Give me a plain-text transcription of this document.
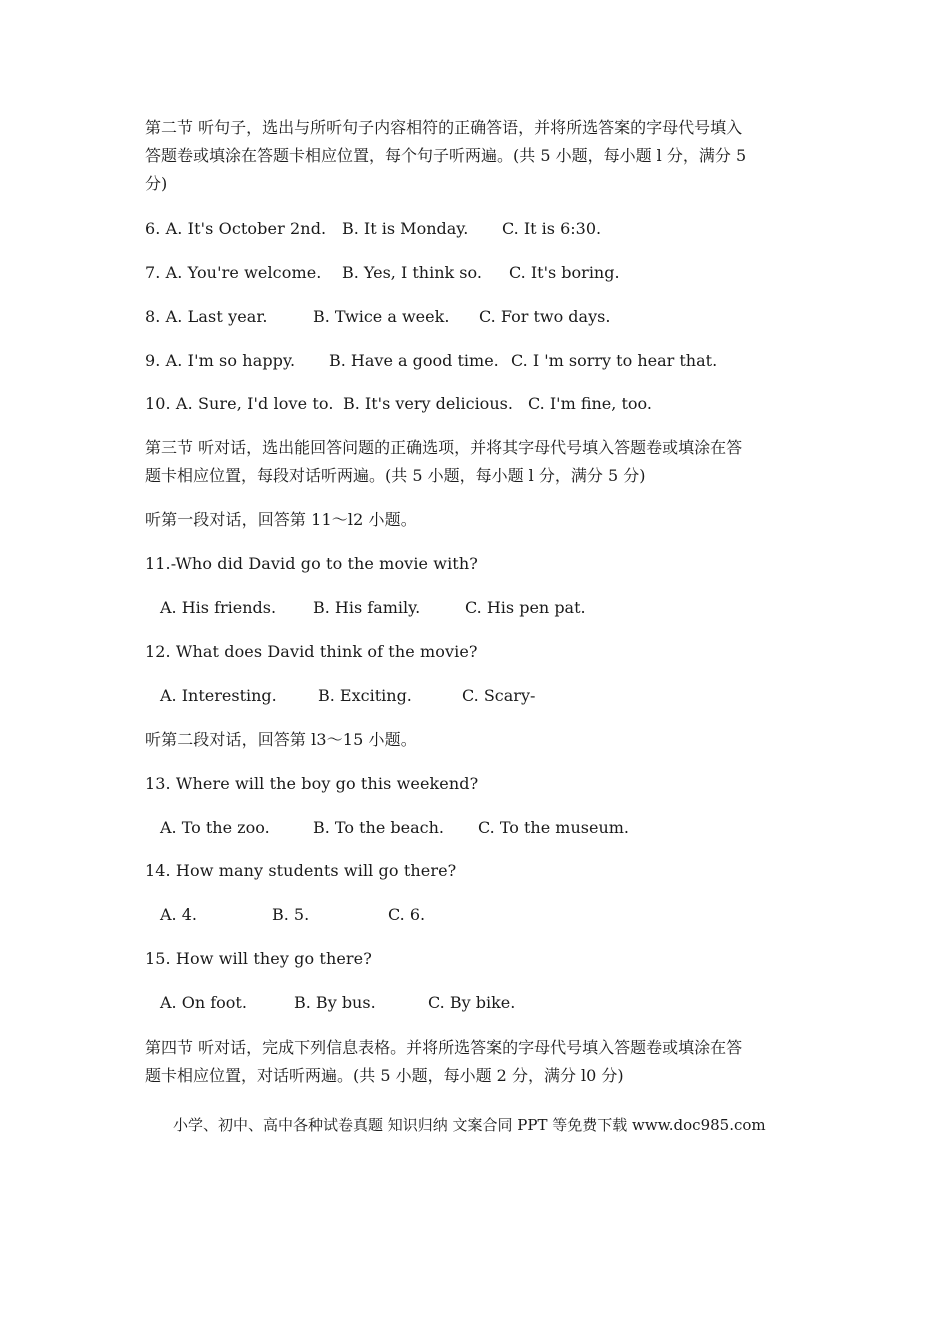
第二节 听句子，选出与所听句子内容相符的正确答语，并将所选答案的字母代号填入
答题卷或填涂在答题卡相应位置，每个句子听两遍。(共 5 小题，每小题 l 分，满分 5
分)
6. A. It's October 2nd. B. It is Monday. C. It is 6:30.
7. A. You're welcome. B. Yes, I think so. C. It's boring.
8. A. Last year.	B. Twice a week. C. For two days.
9. A. I'm so happy. B. Have a good time. C. I 'm sorry to hear that.
10. A. Sure, I'd love to. B. It's very delicious. C. I'm fine, too.
第三节 听对话，选出能回答问题的正确选项，并将其字母代号填入答题卷或填涂在答
题卡相应位置，每段对话听两遍。(共 5 小题，每小题 l 分，满分 5 分)
听第一段对话，回答第 11～l2 小题。
11.-Who did David go to the movie with?
A. His friends. B. His family.	C. His pen pat.
12. What does David think of the movie?
A. Interesting.	B. Exciting.	C. Scary-
听第二段对话，回答第 l3～15 小题。
13. Where will the boy go this weekend?
A. To the zoo.	B. To the beach. C. To the museum.
14. How many students will go there?
A. 4.	B. 5.	C. 6.
15. How will they go there?
A. On foot.	B. By bus.	C. By bike.
第四节 听对话，完成下列信息表格。并将所选答案的字母代号填入答题卷或填涂在答
题卡相应位置，对话听两遍。(共 5 小题，每小题 2 分，满分 l0 分)
小学、初中、高中各种试卷真题 知识归纳 文案合同 PPT 等免费下载 www.doc985.com
